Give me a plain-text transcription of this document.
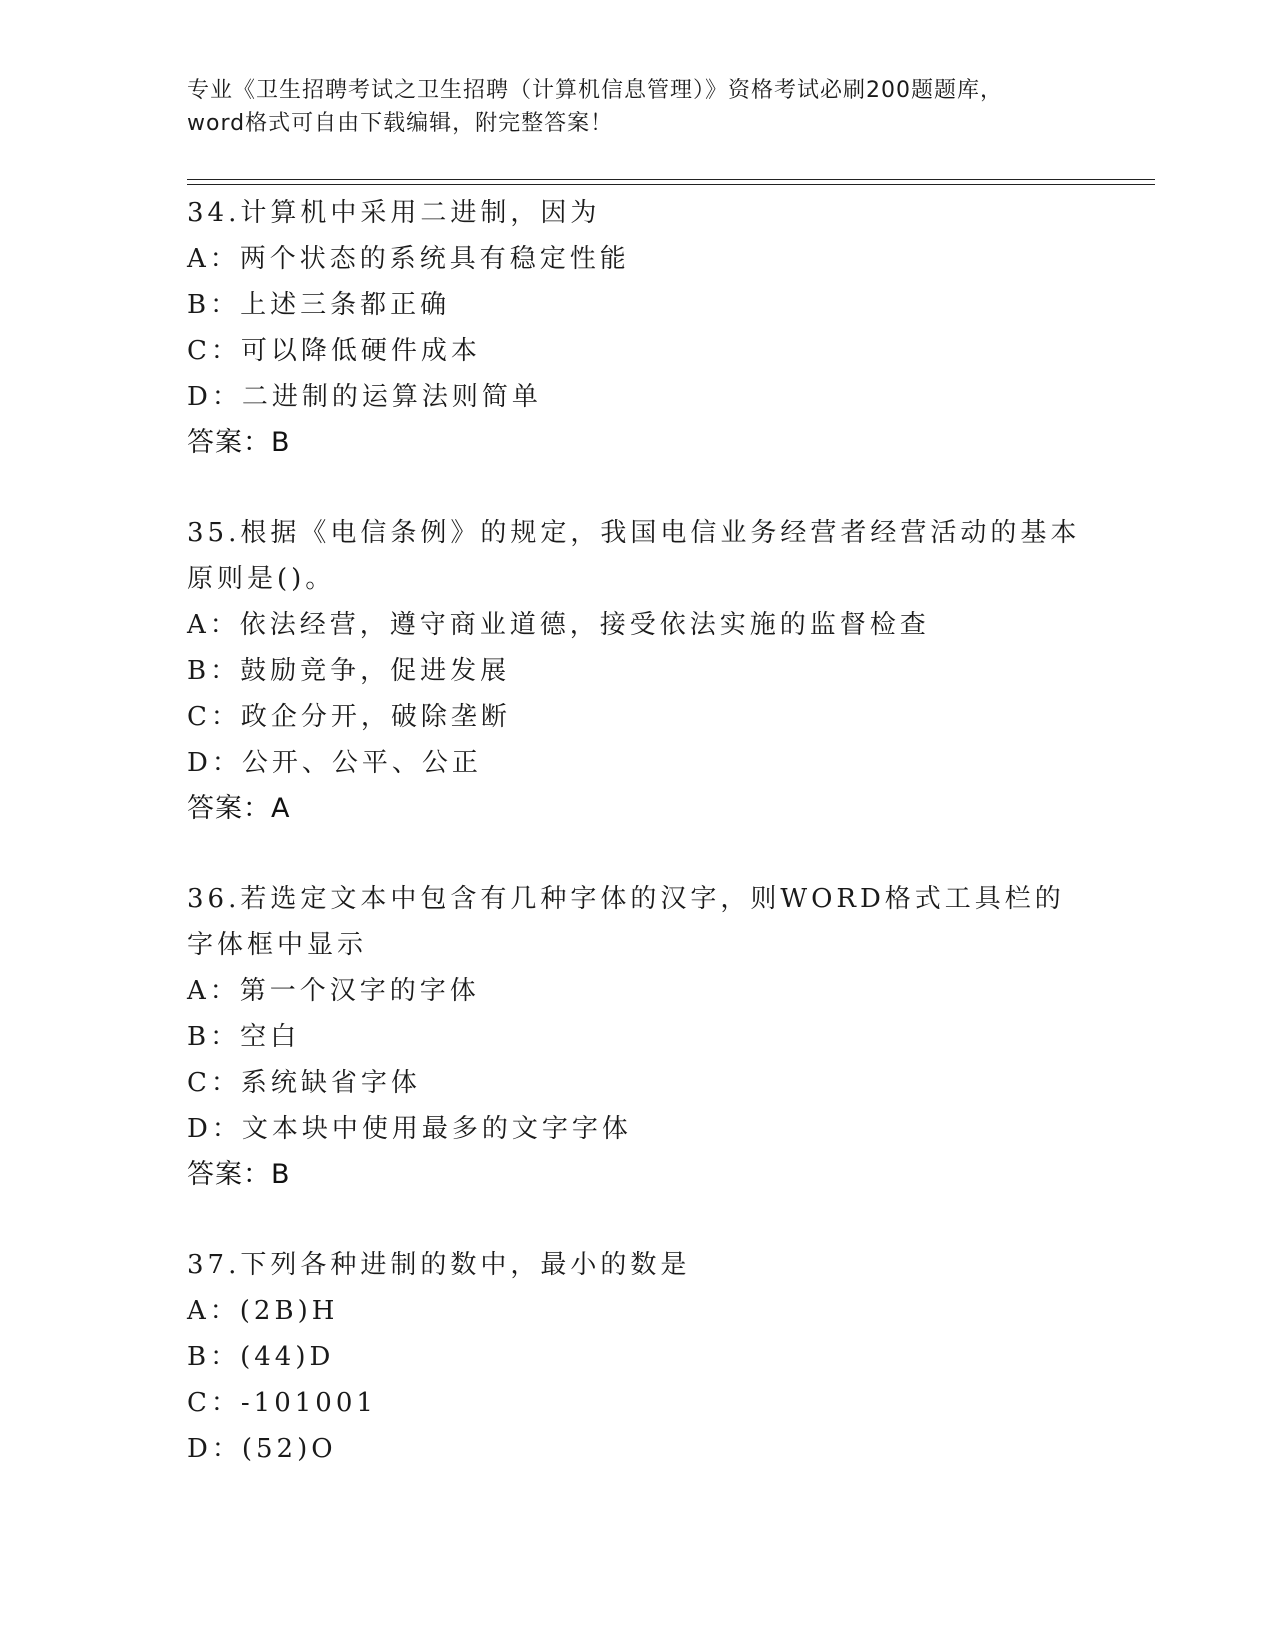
专业《卫生招聘考试之卫生招聘（计算机信息管理）》资格考试必刷200题题库，
word格式可自由下载编辑，附完整答案！

34.计算机中采用二进制，因为

A：两个状态的系统具有稳定性能

B：上述三条都正确

C：可以降低硬件成本

D：二进制的运算法则简单

答案：B

35.根据《电信条例》的规定，我国电信业务经营者经营活动的基本原则是()。

A：依法经营，遵守商业道德，接受依法实施的监督检查

B：鼓励竞争，促进发展

C：政企分开，破除垄断

D：公开、公平、公正

答案：A

36.若选定文本中包含有几种字体的汉字，则WORD格式工具栏的字体框中显示

A：第一个汉字的字体

B：空白

C：系统缺省字体

D：文本块中使用最多的文字字体

答案：B

37.下列各种进制的数中，最小的数是

A：(2B)H

B：(44)D

C：-101001

D：(52)O
